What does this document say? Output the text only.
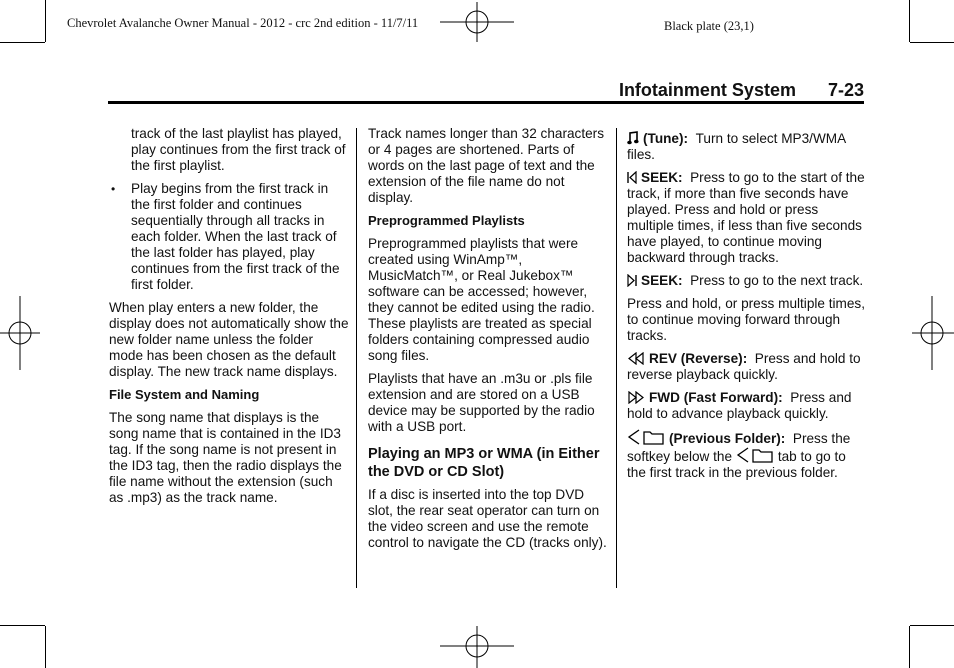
Chevrolet Avalanche Owner Manual - 2012 - crc 2nd edition - 11/7/11	Black plate (23,1)
Infotainment System 7-23

track of the last playlist has played, play continues from the first track of the first playlist.

• Play begins from the first track in the first folder and continues sequentially through all tracks in each folder. When the last track of the last folder has played, play continues from the first track of the first folder.

When play enters a new folder, the display does not automatically show the new folder name unless the folder mode has been chosen as the default display. The new track name displays.

File System and Naming

The song name that displays is the song name that is contained in the ID3 tag. If the song name is not present in the ID3 tag, then the radio displays the file name without the extension (such as .mp3) as the track name.

Track names longer than 32 characters or 4 pages are shortened. Parts of words on the last page of text and the extension of the file name do not display.

Preprogrammed Playlists

Preprogrammed playlists that were created using WinAmp™, MusicMatch™, or Real Jukebox™ software can be accessed; however, they cannot be edited using the radio. These playlists are treated as special folders containing compressed audio song files.

Playlists that have an .m3u or .pls file extension and are stored on a USB device may be supported by the radio with a USB port.

Playing an MP3 or WMA (in Either the DVD or CD Slot)

If a disc is inserted into the top DVD slot, the rear seat operator can turn on the video screen and use the remote control to navigate the CD (tracks only).

(Tune): Turn to select MP3/WMA files.

SEEK: Press to go to the start of the track, if more than five seconds have played. Press and hold or press multiple times, if less than five seconds have played, to continue moving backward through tracks.

SEEK: Press to go to the next track.

Press and hold, or press multiple times, to continue moving forward through tracks.

REV (Reverse): Press and hold to reverse playback quickly.

FWD (Fast Forward): Press and hold to advance playback quickly.

(Previous Folder): Press the softkey below the	tab to go to the first track in the previous folder.
